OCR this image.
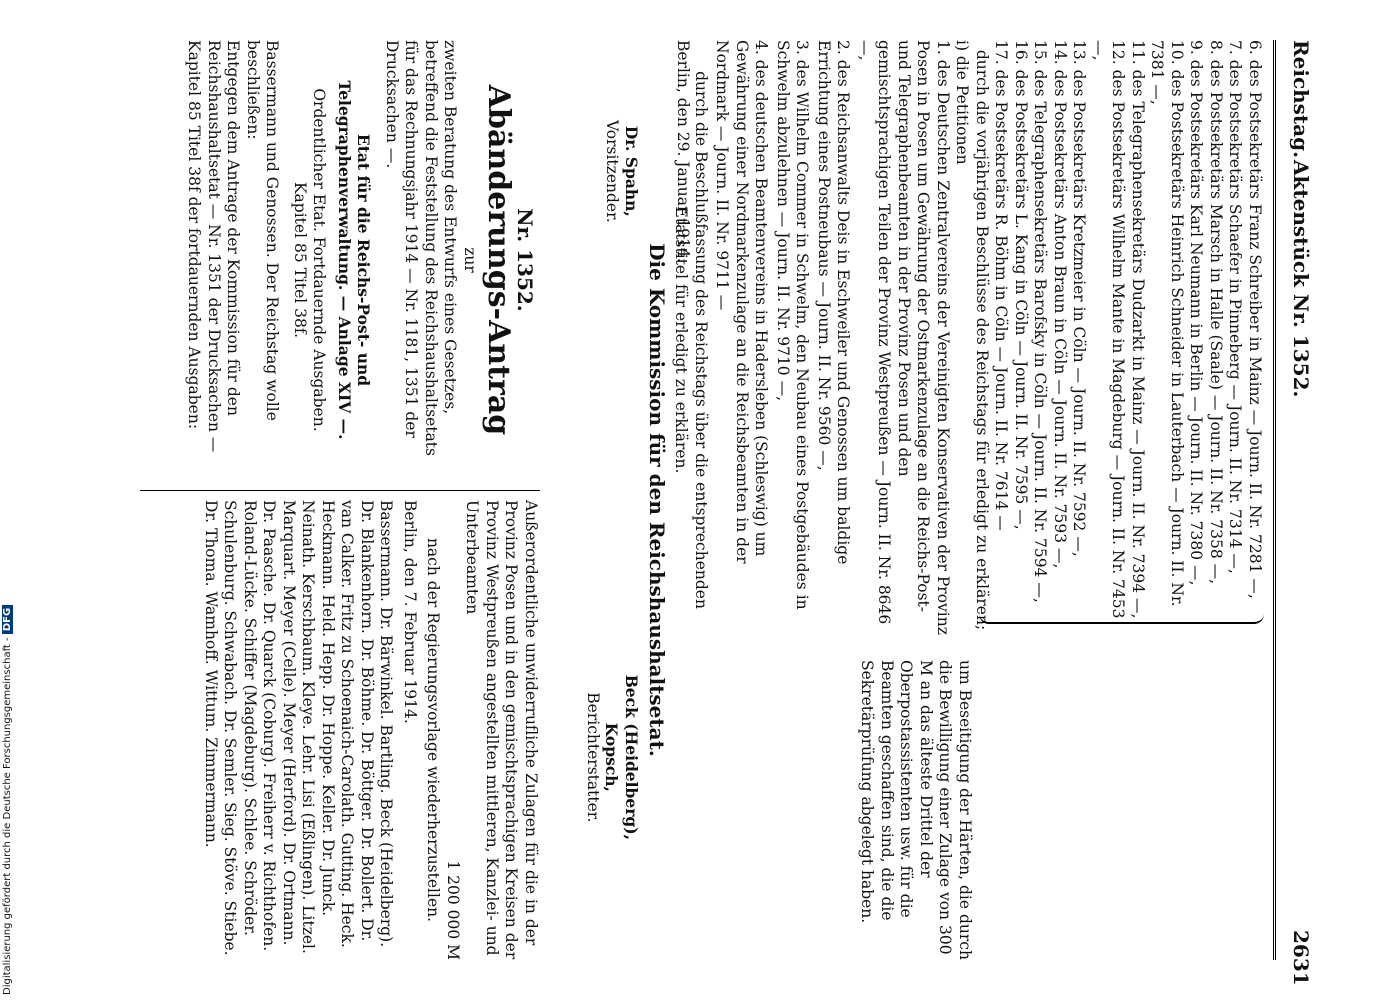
Reichstag.
Aktenstück Nr. 1352.
2631
6. des Postsekretärs Franz Schreiber in Mainz — Journ. II. Nr. 7281 —,
7. des Postsekretärs Schaefer in Pinneberg — Journ. II. Nr. 7314 —,
8. des Postsekretärs Marsch in Halle (Saale) — Journ. II. Nr. 7358 —,
9. des Postsekretärs Karl Neumann in Berlin — Journ. II. Nr. 7380 —,
10. des Postsekretärs Heinrich Schneider in Lauterbach — Journ. II. Nr. 7381 —,
11. des Telegraphensekretärs Dudzarkt in Mainz — Journ. II. Nr. 7394 —,
12. des Postsekretärs Wilhelm Mante in Magdeburg — Journ. II. Nr. 7453 —,
13. des Postsekretärs Kretzmeier in Cöln — Journ. II. Nr. 7592 —,
14. des Postsekretärs Anton Braun in Cöln — Journ. II. Nr. 7593 —,
15. des Telegraphensekretärs Barofsky in Cöln — Journ. II. Nr. 7594 —,
16. des Postsekretärs L. Kang in Cöln — Journ. II. Nr. 7595 —,
17. des Postsekretärs R. Böhm in Cöln — Journ. II. Nr. 7614 —
durch die vorjährigen Beschlüsse des Reichstags für erledigt zu erklären;
i) die Petitionen
1. des Deutschen Zentralvereins der Vereinigten Konservativen der Provinz Posen in Posen um Gewährung der Ostmarkenzulage an die Reichs-Post- und Telegraphenbeamten in der Provinz Posen und den gemischtsprachigen Teilen der Provinz Westpreußen — Journ. II. Nr. 8646 —,
2. des Reichsanwalts Deis in Eschweiler und Genossen um baldige Errichtung eines Postneubaus — Journ. II. Nr. 9560 —,
3. des Wilhelm Commer in Schwelm, den Neubau eines Postgebäudes in Schwelm abzulehnen — Journ. II. Nr. 9710 —,
4. des deutschen Beamtenvereins in Hadersleben (Schleswig) um Gewährung einer Nordmarkenzulage an die Reichsbeamten in der Nordmark — Journ. II. Nr. 9711 —
durch die Beschlußfassung des Reichstags über die entsprechenden Etatstitel für erledigt zu erklären.

um Beseitigung der Härten, die durch die Bewilligung einer Zulage von 300 M an das älteste Drittel der Oberpostassistenten usw. für die Beamten geschaffen sind, die die Sekretärprüfung abgelegt haben.

Berlin, den 29. Januar 1914.
Die Kommission für den Reichshaushaltsetat.
Dr. Spahn,
Vorsitzender.
Beck (Heidelberg),
Kopsch,
Berichterstatter.
Nr. 1352.
Abänderungs-Antrag
zur
zweiten Beratung des Entwurfs eines Gesetzes, betreffend die Feststellung des Reichshaushaltsetats für das Rechnungsjahr 1914 — Nr. 1181, 1351 der Drucksachen —.
Etat für die Reichs-Post- und Telegraphenverwaltung. — Anlage XIV —.
Ordentlicher Etat. Fortdauernde Ausgaben.
Kapitel 85 Titel 38f.
Bassermann und Genossen. Der Reichstag wolle beschließen:
Entgegen dem Antrage der Kommission für den Reichshaushaltsetat — Nr. 1351 der Drucksachen — Kapitel 85 Titel 38f der fortdauernden Ausgaben:
Außerordentliche unwiderrufliche Zulagen für die in der Provinz Posen und in den gemischtsprachigen Kreisen der Provinz Westpreußen angestellten mittleren, Kanzlei- und Unterbeamten
1 200 000 M
nach der Regierungsvorlage wiederherzustellen.
Berlin, den 7. Februar 1914.
Bassermann. Dr. Bärwinkel. Bartling. Beck (Heidelberg). Dr. Blankenhorn. Dr. Böhme. Dr. Böttger. Dr. Bollert. Dr. van Calker. Fritz zu Schoenaich-Carolath. Gutting. Heck. Heckmann. Held. Hepp. Dr. Hoppe. Keller. Dr. Junck. Neinath. Kerschbaum. Kleye. Lehr. Lisi (Eßlingen). Litzel. Marquart. Meyer (Celle). Meyer (Herford). Dr. Ortmann. Dr. Paasche. Dr. Quarck (Coburg). Freiherr v. Richthofen. Roland-Lücke. Schiffer (Magdeburg). Schlee. Schröder. Schulenburg. Schwabach. Dr. Semler. Sieg. Stöve. Stiebe. Dr. Thoma. Wamhoff. Wittum. Zimmermann.
Digitalisierung gefördert durch die Deutsche Forschungsgemeinschaft - DFG
